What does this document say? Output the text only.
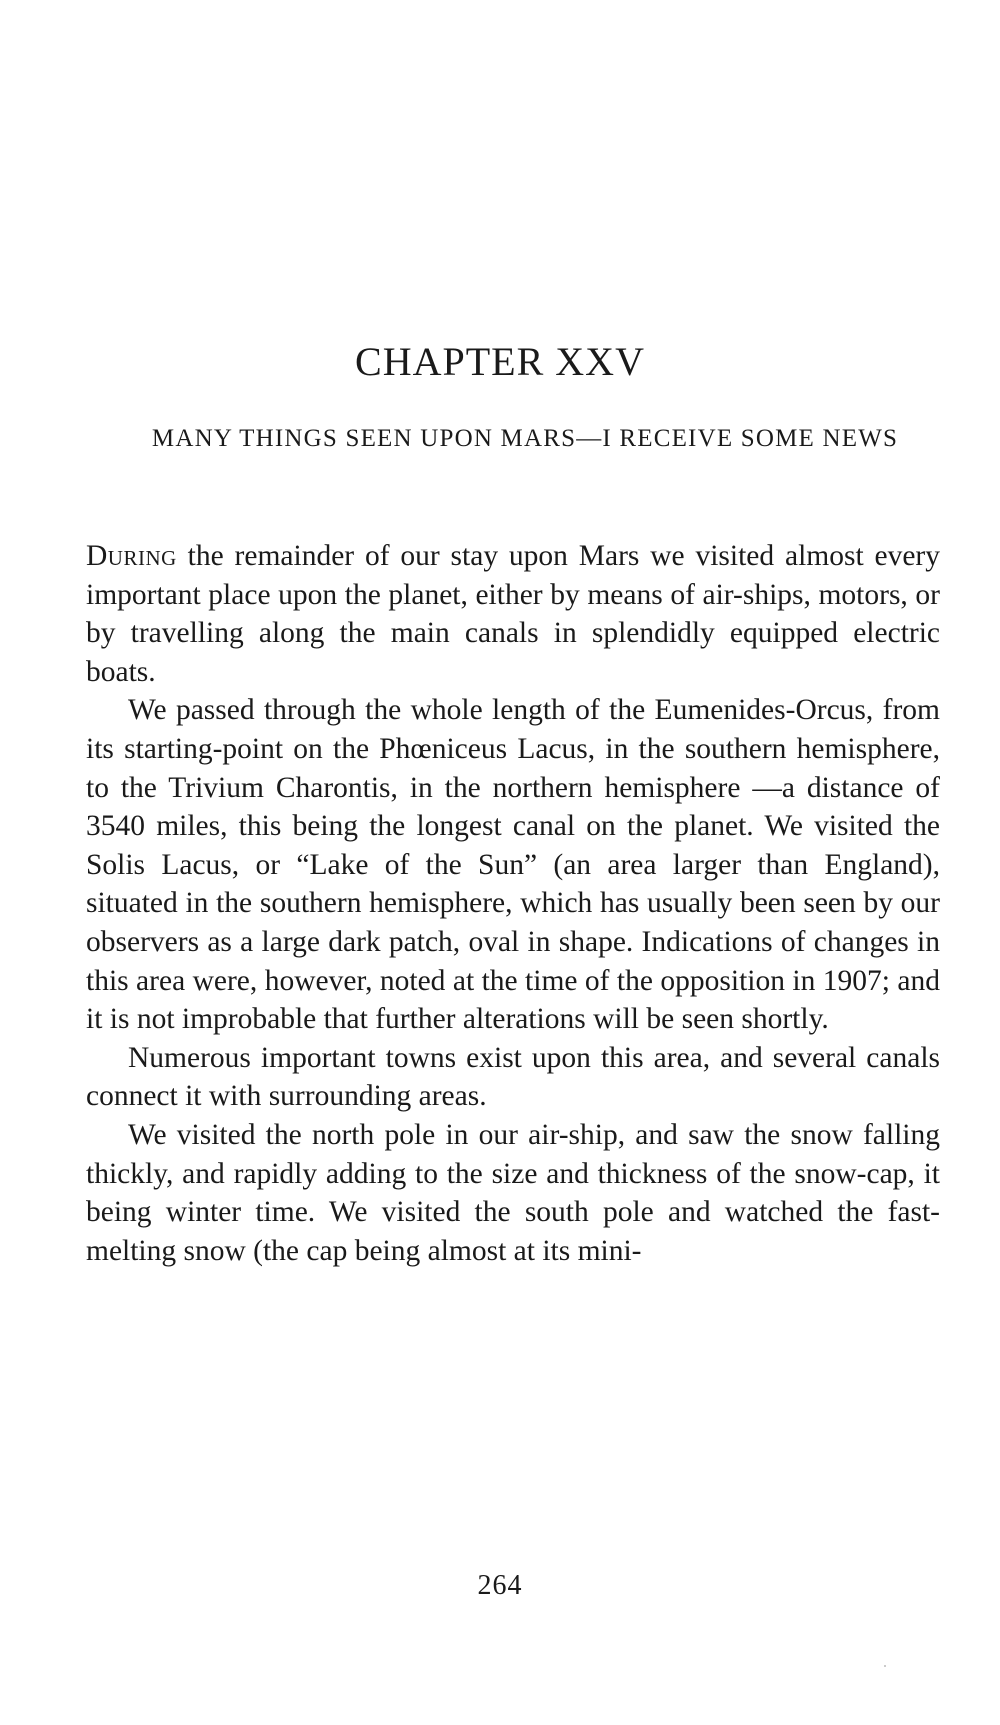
CHAPTER XXV
MANY THINGS SEEN UPON MARS—I RECEIVE SOME NEWS

During the remainder of our stay upon Mars we visited almost every important place upon the planet, either by means of air-ships, motors, or by travelling along the main canals in splendidly equipped electric boats.

We passed through the whole length of the Eumenides-Orcus, from its starting-point on the Phœniceus Lacus, in the southern hemisphere, to the Trivium Charontis, in the northern hemisphere —a distance of 3540 miles, this being the longest canal on the planet. We visited the Solis Lacus, or “Lake of the Sun” (an area larger than England), situated in the southern hemisphere, which has usually been seen by our observers as a large dark patch, oval in shape. Indications of changes in this area were, however, noted at the time of the opposition in 1907; and it is not improbable that further alterations will be seen shortly.

Numerous important towns exist upon this area, and several canals connect it with surrounding areas.

We visited the north pole in our air-ship, and saw the snow falling thickly, and rapidly adding to the size and thickness of the snow-cap, it being winter time. We visited the south pole and watched the fast-melting snow (the cap being almost at its mini-

264
